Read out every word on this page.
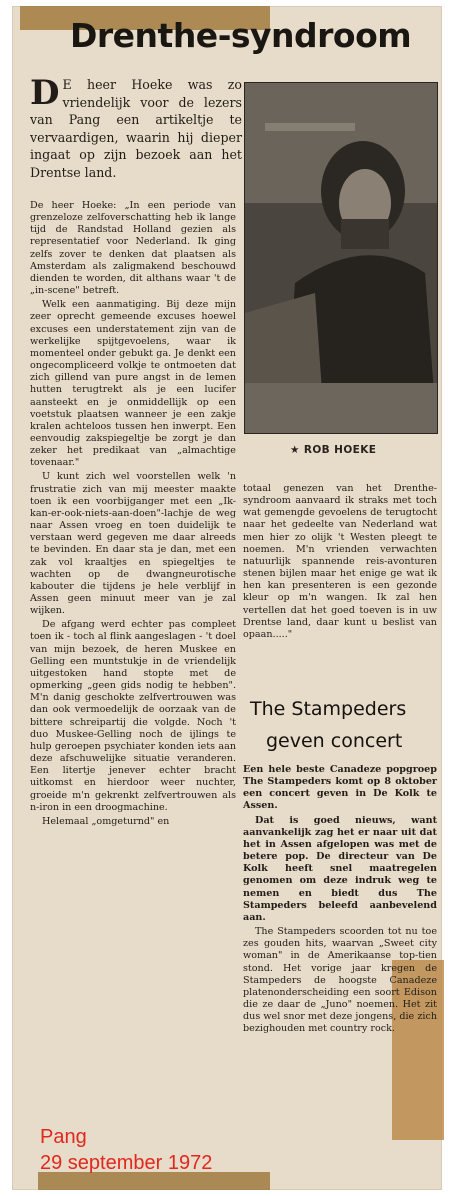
Drenthe-syndroom
D E heer Hoeke was zo vriendelijk voor de lezers van Pang een artikeltje te vervaardigen, waarin hij dieper ingaat op zijn bezoek aan het Drentse land.
★ ROB HOEKE

De heer Hoeke: „In een periode van grenzeloze zelfoverschatting heb ik lange tijd de Randstad Holland gezien als representatief voor Nederland. Ik ging zelfs zover te denken dat plaatsen als Amsterdam als zaligmakend beschouwd dienden te worden, dit althans waar 't de „in-scene" betreft.

Welk een aanmatiging. Bij deze mijn zeer oprecht gemeende excuses hoewel excuses een understatement zijn van de werkelijke spijtgevoelens, waar ik momenteel onder gebukt ga. Je denkt een ongecompliceerd volkje te ontmoeten dat zich gillend van pure angst in de lemen hutten terugtrekt als je een lucifer aansteekt en je onmiddellijk op een voetstuk plaatsen wanneer je een zakje kralen achteloos tussen hen inwerpt. Een eenvoudig zakspiegeltje be zorgt je dan zeker het predikaat van „almachtige tovenaar."

U kunt zich wel voorstellen welk 'n frustratie zich van mij meester maakte toen ik een voorbijganger met een „Ik-kan-er-ook-niets-aan-doen"-lachje de weg naar Assen vroeg en toen duidelijk te verstaan werd gegeven me daar alreeds te bevinden. En daar sta je dan, met een zak vol kraaltjes en spiegeltjes te wachten op de dwangneurotische kabouter die tijdens je hele verblijf in Assen geen minuut meer van je zal wijken.

De afgang werd echter pas compleet toen ik - toch al flink aangeslagen - 't doel van mijn bezoek, de heren Muskee en Gelling een muntstukje in de vriendelijk uitgestoken hand stopte met de opmerking „geen gids nodig te hebben". M'n danig geschokte zelfvertrouwen was dan ook vermoedelijk de oorzaak van de bittere schreipartij die volgde. Noch 't duo Muskee-Gelling noch de ijlings te hulp geroepen psychiater konden iets aan deze afschuwelijke situatie veranderen. Een litertje jenever echter bracht uitkomst en hierdoor weer nuchter, groeide m'n gekrenkt zelfvertrouwen als n-iron in een droogmachine.

Helemaal „omgeturnd" en

totaal genezen van het Drenthe-syndroom aanvaard ik straks met toch wat gemengde gevoelens de terugtocht naar het gedeelte van Nederland wat men hier zo olijk 't Westen pleegt te noemen. M'n vrienden verwachten natuurlijk spannende reis-avonturen stenen bijlen maar het enige ge wat ik hen kan presenteren is een gezonde kleur op m'n wangen. Ik zal hen vertellen dat het goed toeven is in uw Drentse land, daar kunt u beslist van opaan....."

The Stampeders
geven concert

Een hele beste Canadeze popgroep The Stampeders komt op 8 oktober een concert geven in De Kolk te Assen.

Dat is goed nieuws, want aanvankelijk zag het er naar uit dat het in Assen afgelopen was met de betere pop. De directeur van De Kolk heeft snel maatregelen genomen om deze indruk weg te nemen en biedt dus The Stampeders beleefd aanbevelend aan.

The Stampeders scoorden tot nu toe zes gouden hits, waarvan „Sweet city woman" in de Amerikaanse top-tien stond. Het vorige jaar kregen de Stampeders de hoogste Canadeze platenonderscheiding een soort Edison die ze daar de „Juno" noemen. Het zit dus wel snor met deze jongens, die zich bezighouden met country rock.

Pang
29 september 1972
